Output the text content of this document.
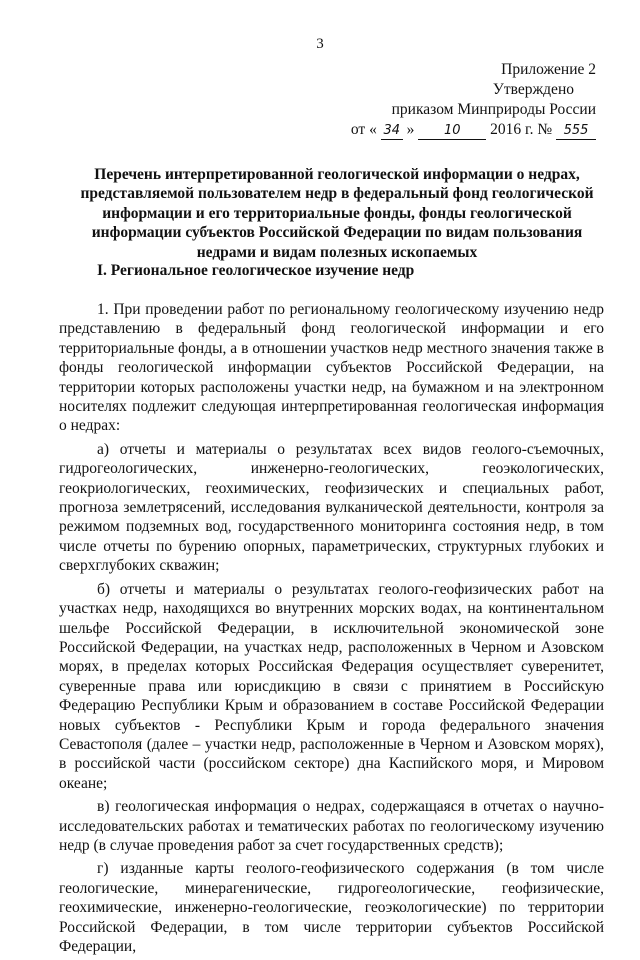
3
Приложение 2
Утверждено
приказом Минприроды России
от « 34 » 10 2016 г. № 555
Перечень интерпретированной геологической информации о недрах, представляемой пользователем недр в федеральный фонд геологической информации и его территориальные фонды, фонды геологической информации субъектов Российской Федерации по видам пользования недрами и видам полезных ископаемых
I. Региональное геологическое изучение недр

1. При проведении работ по региональному геологическому изучению недр представлению в федеральный фонд геологической информации и его территориальные фонды, а в отношении участков недр местного значения также в фонды геологической информации субъектов Российской Федерации, на территории которых расположены участки недр, на бумажном и на электронном носителях подлежит следующая интерпретированная геологическая информация о недрах:

а) отчеты и материалы о результатах всех видов геолого-съемочных, гидрогеологических, инженерно-геологических, геоэкологических, геокриологических, геохимических, геофизических и специальных работ, прогноза землетрясений, исследования вулканической деятельности, контроля за режимом подземных вод, государственного мониторинга состояния недр, в том числе отчеты по бурению опорных, параметрических, структурных глубоких и сверхглубоких скважин;

б) отчеты и материалы о результатах геолого-геофизических работ на участках недр, находящихся во внутренних морских водах, на континентальном шельфе Российской Федерации, в исключительной экономической зоне Российской Федерации, на участках недр, расположенных в Черном и Азовском морях, в пределах которых Российская Федерация осуществляет суверенитет, суверенные права или юрисдикцию в связи с принятием в Российскую Федерацию Республики Крым и образованием в составе Российской Федерации новых субъектов - Республики Крым и города федерального значения Севастополя (далее – участки недр, расположенные в Черном и Азовском морях), в российской части (российском секторе) дна Каспийского моря, и Мировом океане;

в) геологическая информация о недрах, содержащаяся в отчетах о научно-исследовательских работах и тематических работах по геологическому изучению недр (в случае проведения работ за счет государственных средств);

г) изданные карты геолого-геофизического содержания (в том числе геологические, минерагенические, гидрогеологические, геофизические, геохимические, инженерно-геологические, геоэкологические) по территории Российской Федерации, в том числе территории субъектов Российской Федерации,
